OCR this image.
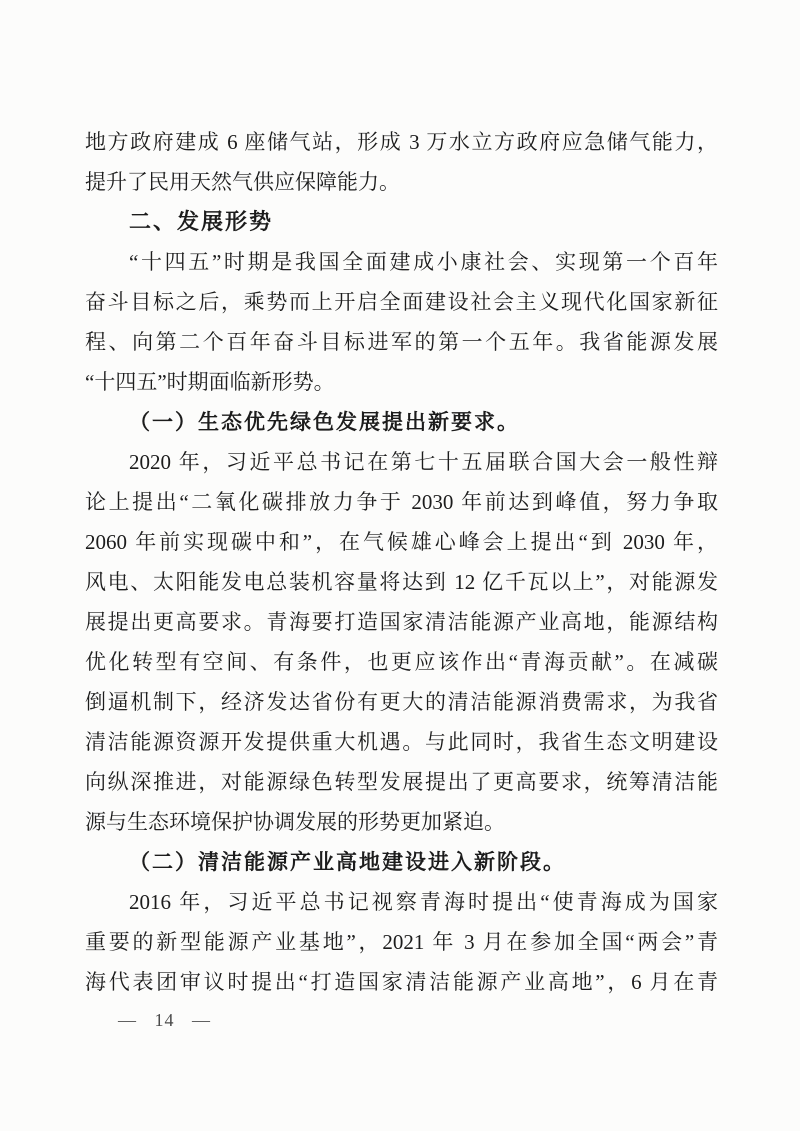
地方政府建成 6 座储气站，形成 3 万水立方政府应急储气能力，
提升了民用天然气供应保障能力。
二、发展形势
“十四五”时期是我国全面建成小康社会、实现第一个百年
奋斗目标之后，乘势而上开启全面建设社会主义现代化国家新征
程、向第二个百年奋斗目标进军的第一个五年。我省能源发展
“十四五”时期面临新形势。
（一）生态优先绿色发展提出新要求。
2020 年，习近平总书记在第七十五届联合国大会一般性辩
论上提出“二氧化碳排放力争于 2030 年前达到峰值，努力争取
2060 年前实现碳中和”，在气候雄心峰会上提出“到 2030 年，
风电、太阳能发电总装机容量将达到 12 亿千瓦以上”，对能源发
展提出更高要求。青海要打造国家清洁能源产业高地，能源结构
优化转型有空间、有条件，也更应该作出“青海贡献”。在减碳
倒逼机制下，经济发达省份有更大的清洁能源消费需求，为我省
清洁能源资源开发提供重大机遇。与此同时，我省生态文明建设
向纵深推进，对能源绿色转型发展提出了更高要求，统筹清洁能
源与生态环境保护协调发展的形势更加紧迫。
（二）清洁能源产业高地建设进入新阶段。
2016 年，习近平总书记视察青海时提出“使青海成为国家
重要的新型能源产业基地”，2021 年 3 月在参加全国“两会”青
海代表团审议时提出“打造国家清洁能源产业高地”，6 月在青
— 14 —
